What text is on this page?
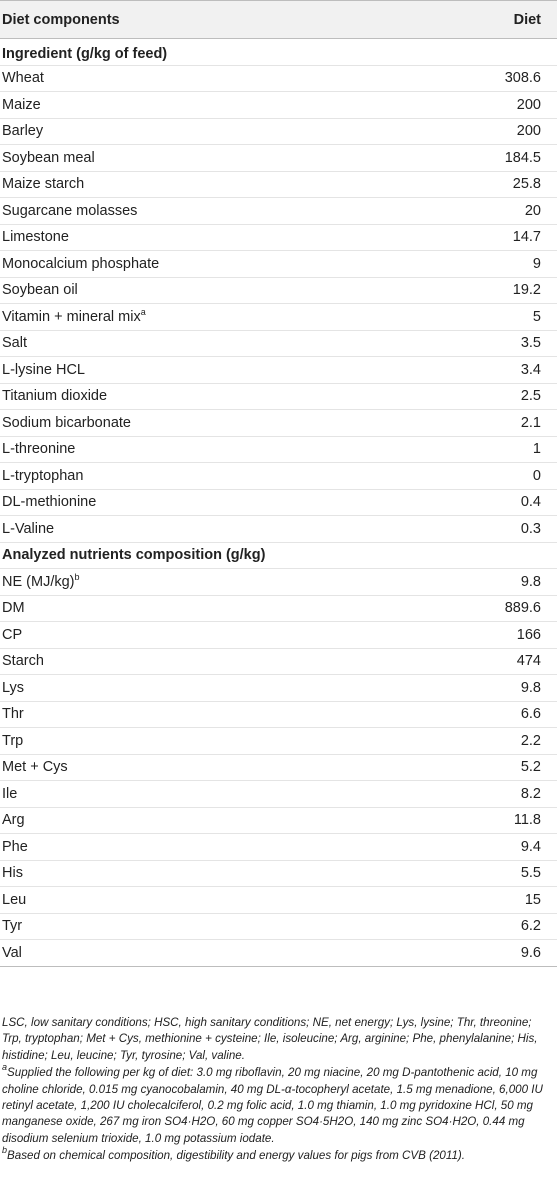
Diet components	Diet
Ingredient (g/kg of feed)	
Wheat	308.6
Maize	200
Barley	200
Soybean meal	184.5
Maize starch	25.8
Sugarcane molasses	20
Limestone	14.7
Monocalcium phosphate	9
Soybean oil	19.2
Vitamin + mineral mix$^a$	5
Salt	3.5
L-lysine HCL	3.4
Titanium dioxide	2.5
Sodium bicarbonate	2.1
L-threonine	1
L-tryptophan	0
DL-methionine	0.4
L-Valine	0.3
Analyzed nutrients composition (g/kg)	
NE $(MJ/kg)^b$	9.8
DM	889.6
CP	166
Starch	474
Lys	9.8
Thr	6.6
Trp	2.2
Met + Cys	5.2
Ile	8.2
Arg	11.8
Phe	9.4
His	5.5
Leu	15
Tyr	6.2
Val	9.6

LSC, low sanitary conditions; HSC, high sanitary conditions; NE, net energy; Lys, lysine; Thr, threonine; Trp, tryptophan; Met + Cys, methionine + cysteine; Ile, isoleucine; Arg, arginine; Phe, phenylalanine; His, histidine; Leu, leucine; Tyr, tyrosine; Val, valine.

$^a$Supplied the following per kg of diet: 3.0 mg riboflavin, 20 mg niacine, 20 mg D-pantothenic acid, 10 mg choline chloride, 0.015 mg cyanocobalamin, 40 mg DL-α-tocopheryl acetate, 1.5 mg menadione, 6,000 IU retinyl acetate, 1,200 IU cholecalciferol, 0.2 mg folic acid, 1.0 mg thiamin, 1.0 mg pyridoxine HCl, 50 mg manganese oxide, 267 mg iron SO4·H2O, 60 mg copper SO4·5H2O, 140 mg zinc SO4·H2O, 0.44 mg disodium selenium trioxide, 1.0 mg potassium iodate.

$^b$Based on chemical composition, digestibility and energy values for pigs from CVB (2011).
